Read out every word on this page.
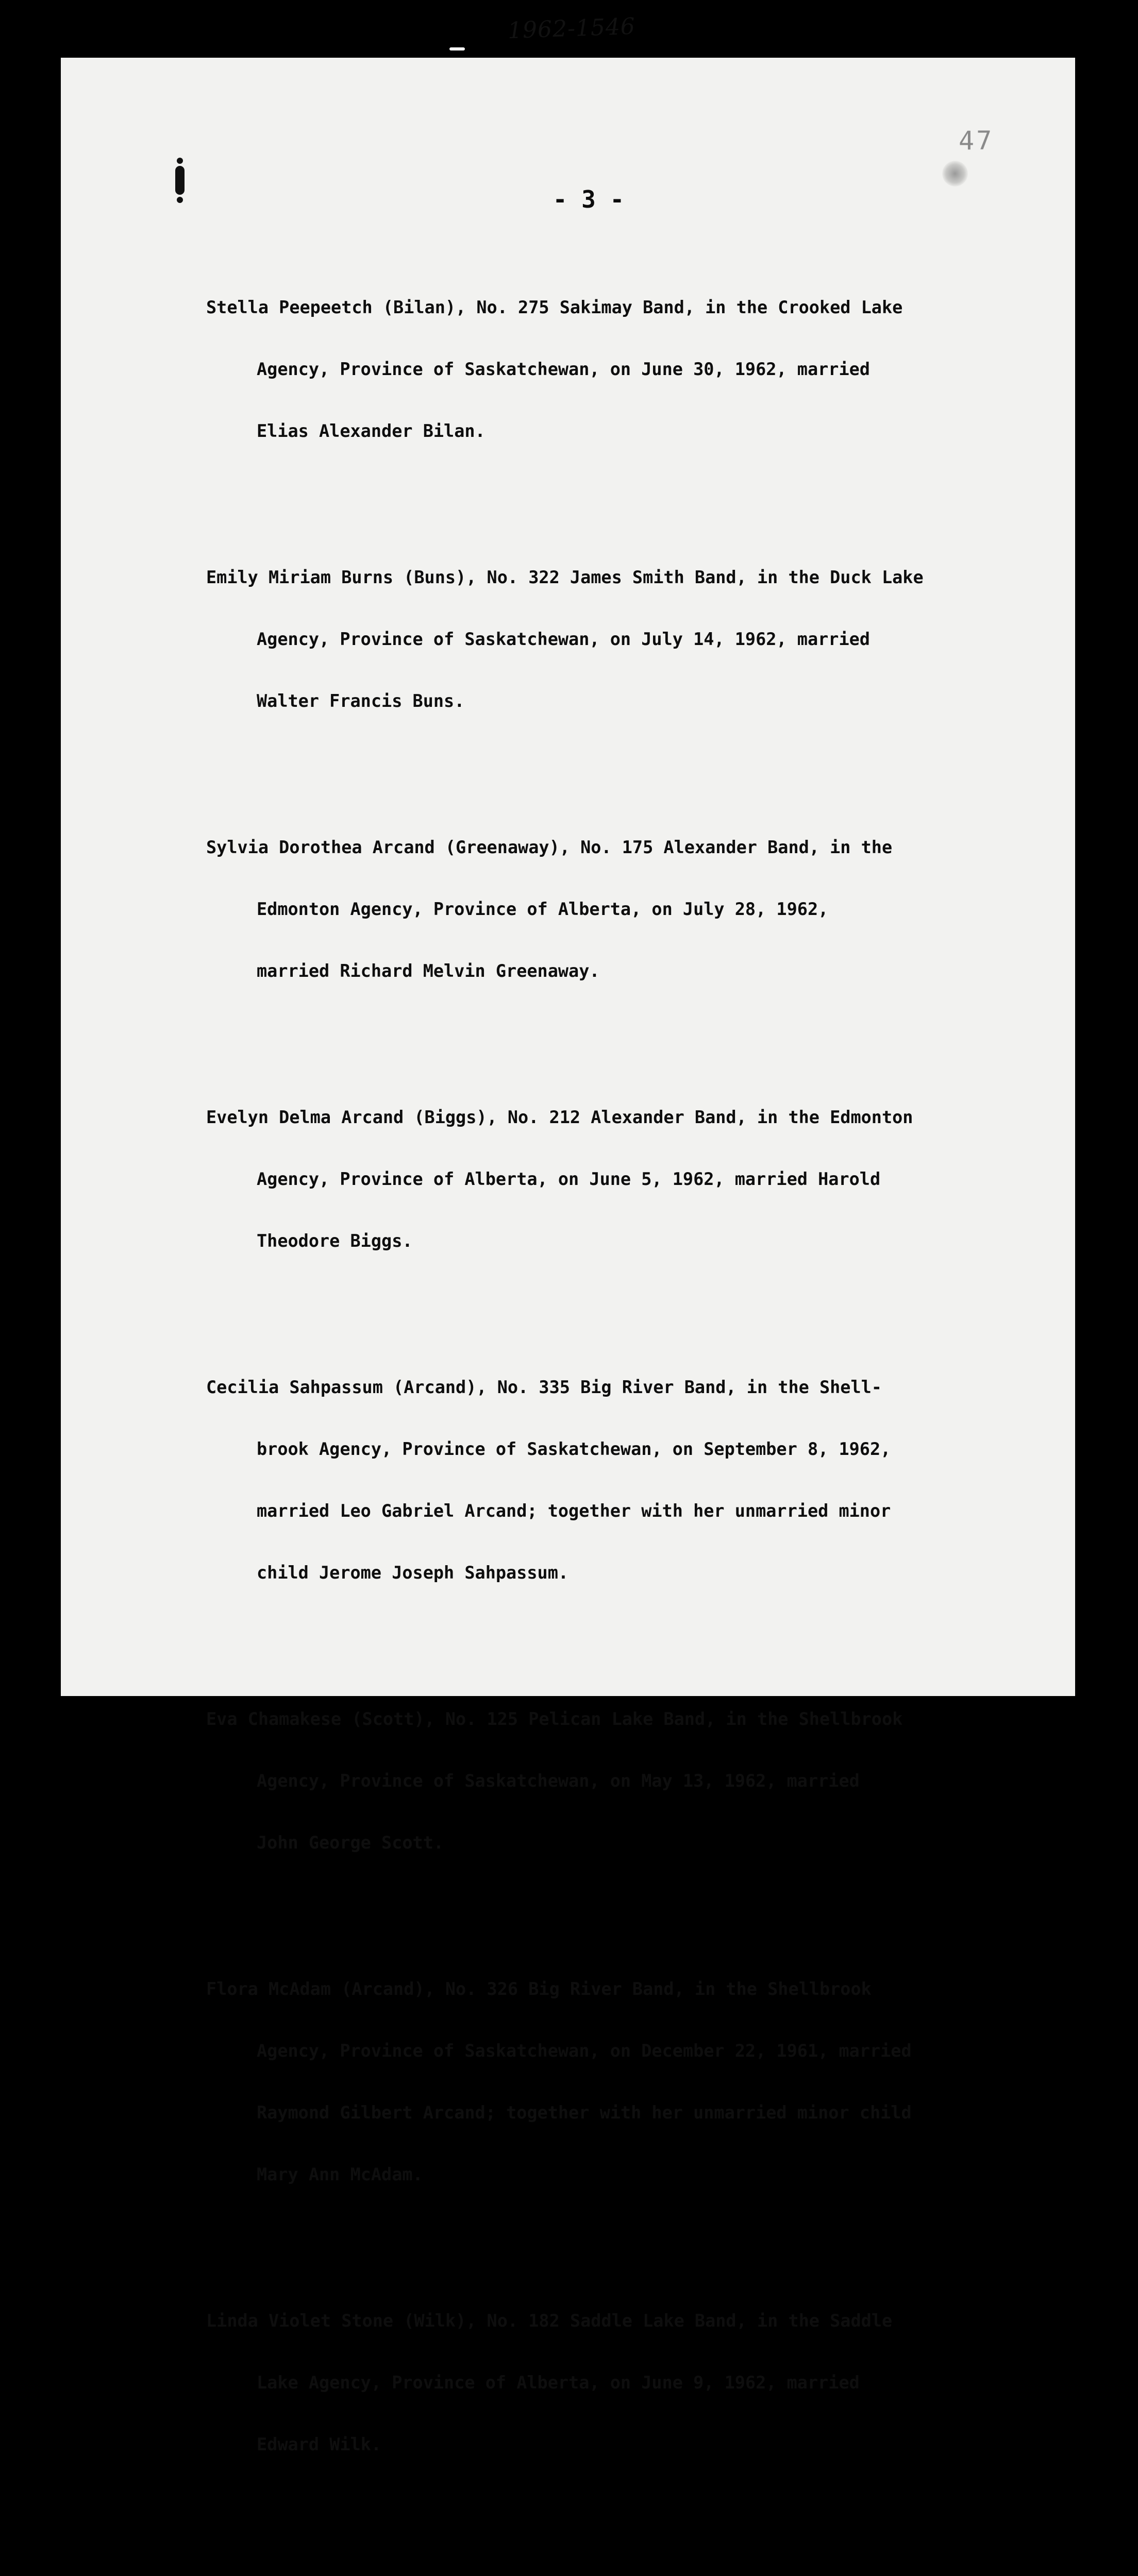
1962-1546
47
- 3 -

Stella Peepeetch (Bilan), No. 275 Sakimay Band, in the Crooked Lake

Agency, Province of Saskatchewan, on June 30, 1962, married

Elias Alexander Bilan.

Emily Miriam Burns (Buns), No. 322 James Smith Band, in the Duck Lake

Agency, Province of Saskatchewan, on July 14, 1962, married

Walter Francis Buns.

Sylvia Dorothea Arcand (Greenaway), No. 175 Alexander Band, in the

Edmonton Agency, Province of Alberta, on July 28, 1962,

married Richard Melvin Greenaway.

Evelyn Delma Arcand (Biggs), No. 212 Alexander Band, in the Edmonton

Agency, Province of Alberta, on June 5, 1962, married Harold

Theodore Biggs.

Cecilia Sahpassum (Arcand), No. 335 Big River Band, in the Shell-

brook Agency, Province of Saskatchewan, on September 8, 1962,

married Leo Gabriel Arcand; together with her unmarried minor

child Jerome Joseph Sahpassum.

Eva Chamakese (Scott), No. 125 Pelican Lake Band, in the Shellbrook

Agency, Province of Saskatchewan, on May 13, 1962, married

John George Scott.

Flora McAdam (Arcand), No. 326 Big River Band, in the Shellbrook

Agency, Province of Saskatchewan, on December 22, 1961, married

Raymond Gilbert Arcand; together with her unmarried minor child

Mary Ann McAdam.

Linda Violet Stone (Wilk), No. 182 Saddle Lake Band, in the Saddle

Lake Agency, Province of Alberta, on June 9, 1962, married

Edward Wilk.
